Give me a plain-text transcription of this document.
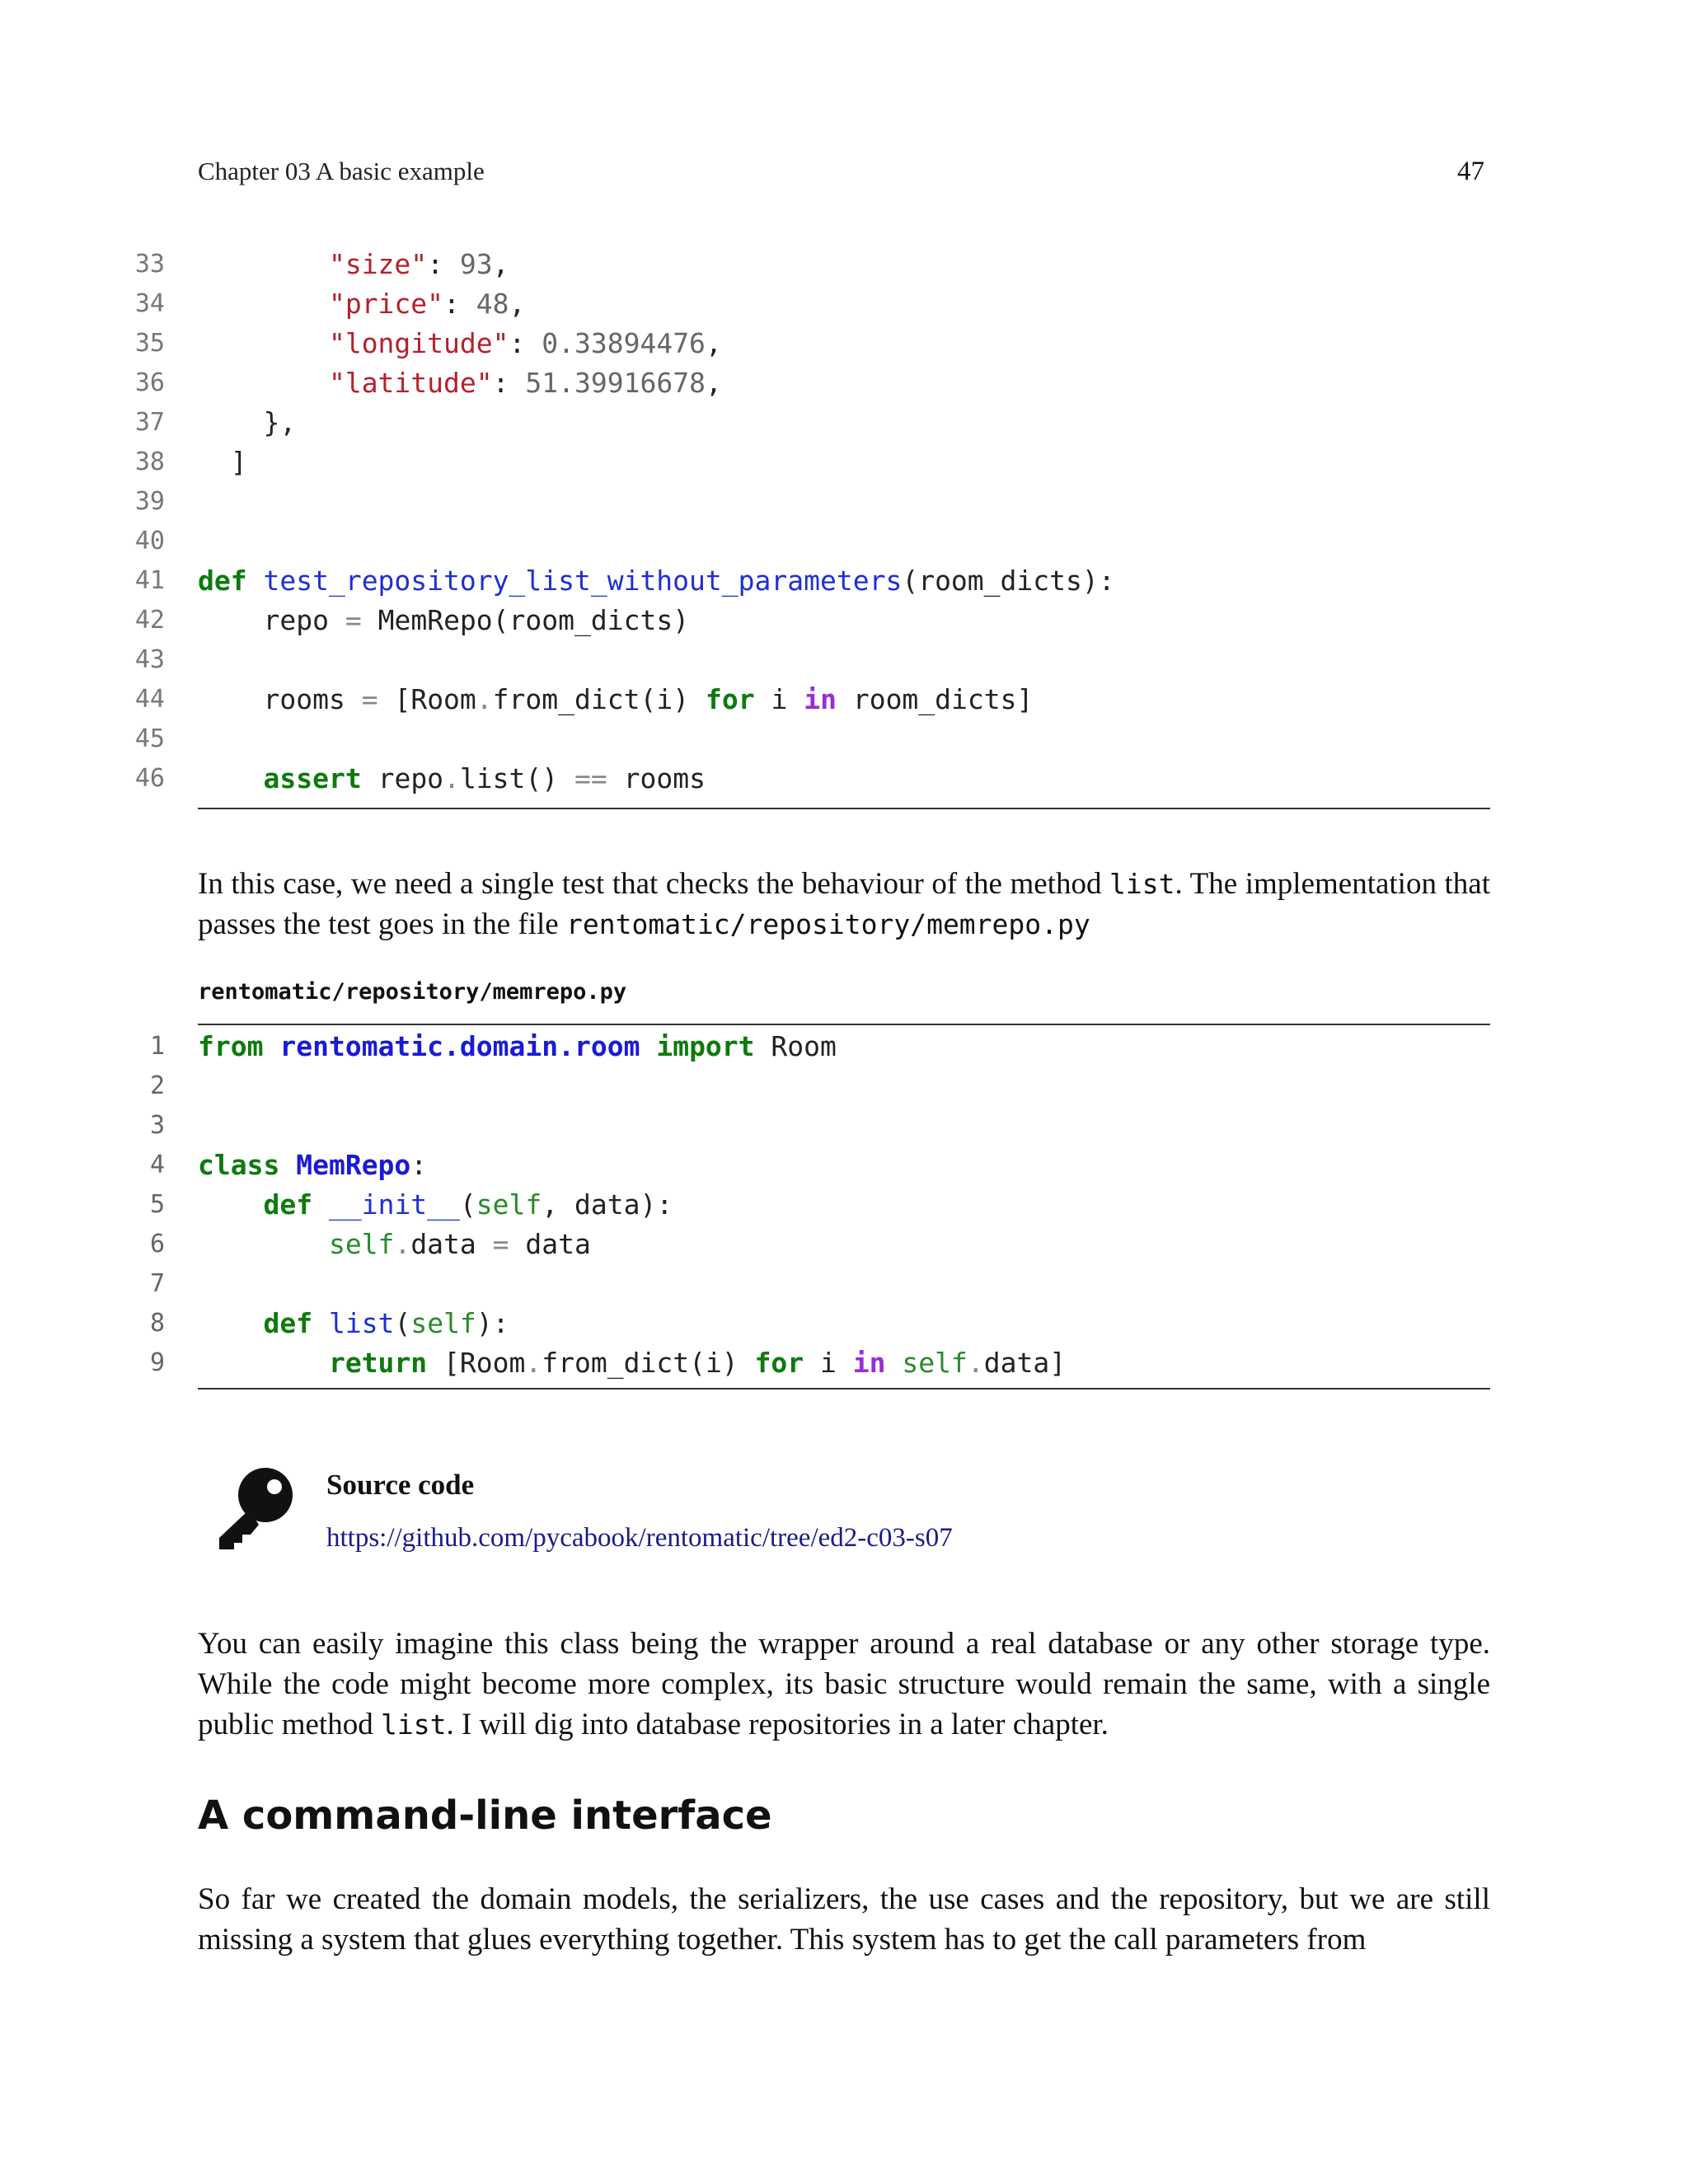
Chapter 03 A basic example	47
33
34
35
36
37
38
39
40
41
42
43
44
45
46
"size": 93,
"price": 48,
"longitude": 0.33894476,
"latitude": 51.39916678,
},
]
def test_repository_list_without_parameters(room_dicts):
repo = MemRepo(room_dicts)
rooms = [Room.from_dict(i) for i in room_dicts]
assert repo.list() == rooms
In this case, we need a single test that checks the behaviour of the method list. The implementation that passes the test goes in the file rentomatic/repository/memrepo.py
rentomatic/repository/memrepo.py
1
2
3
4
5
6
7
8
9
from rentomatic.domain.room import Room
class MemRepo:
def __init__(self, data):
self.data = data
def list(self):
return [Room.from_dict(i) for i in self.data]
Source code
https://github.com/pycabook/rentomatic/tree/ed2-c03-s07
You can easily imagine this class being the wrapper around a real database or any other storage type. While the code might become more complex, its basic structure would remain the same, with a single public method list. I will dig into database repositories in a later chapter.
A command-line interface
So far we created the domain models, the serializers, the use cases and the repository, but we are still missing a system that glues everything together. This system has to get the call parameters from
